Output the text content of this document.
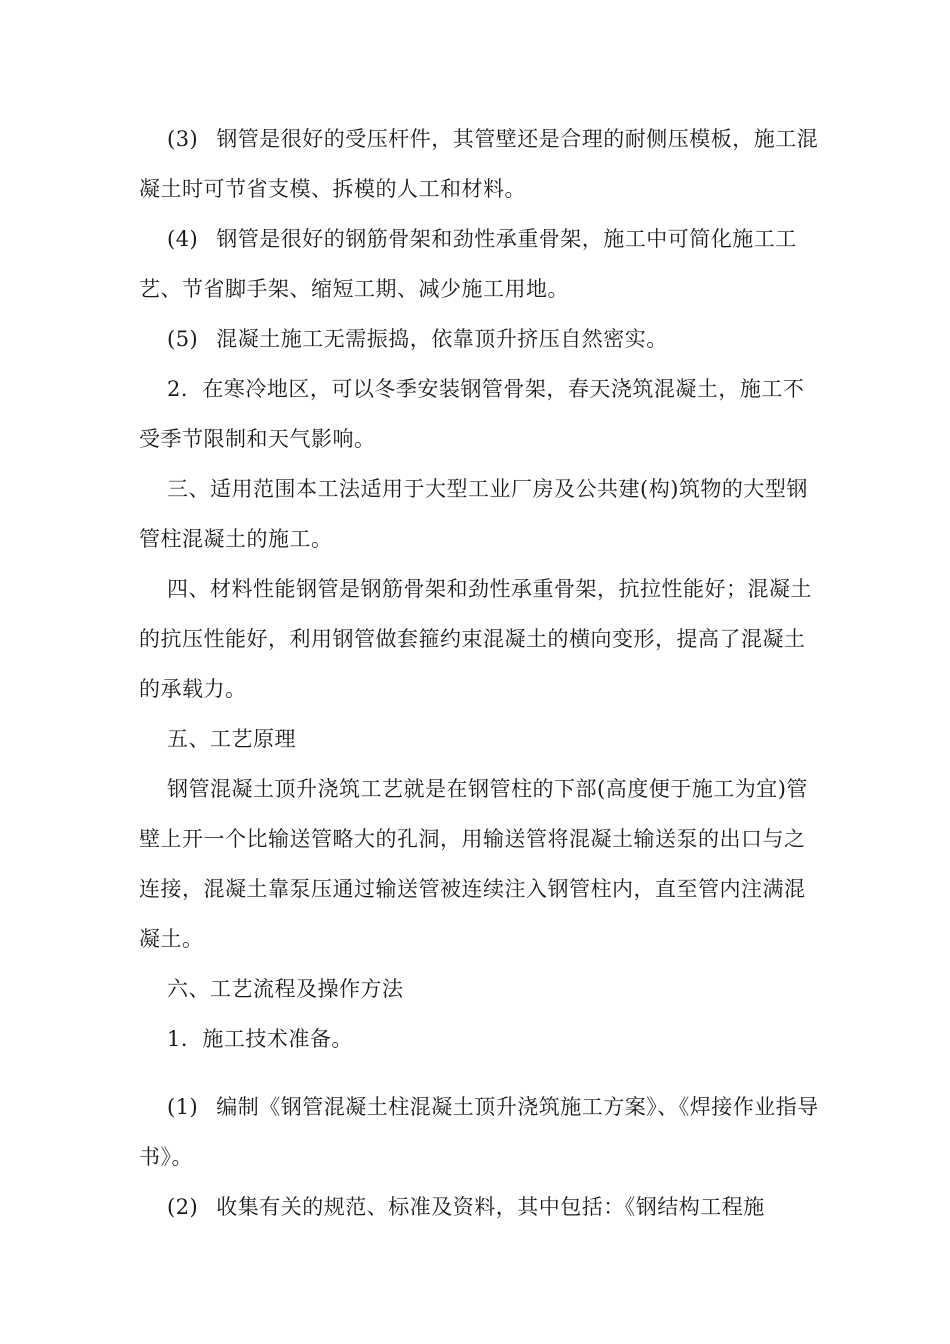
(3) 钢管是很好的受压杆件，其管壁还是合理的耐侧压模板，施工混凝土时可节省支模、拆模的人工和材料。

(4) 钢管是很好的钢筋骨架和劲性承重骨架，施工中可简化施工工艺、节省脚手架、缩短工期、减少施工用地。

(5) 混凝土施工无需振捣，依靠顶升挤压自然密实。

2．在寒冷地区，可以冬季安装钢管骨架，春天浇筑混凝土，施工不受季节限制和天气影响。

三、适用范围本工法适用于大型工业厂房及公共建(构)筑物的大型钢管柱混凝土的施工。

四、材料性能钢管是钢筋骨架和劲性承重骨架，抗拉性能好；混凝土的抗压性能好，利用钢管做套箍约束混凝土的横向变形，提高了混凝土的承载力。

五、工艺原理

钢管混凝土顶升浇筑工艺就是在钢管柱的下部(高度便于施工为宜)管壁上开一个比输送管略大的孔洞，用输送管将混凝土输送泵的出口与之连接，混凝土靠泵压通过输送管被连续注入钢管柱内，直至管内注满混凝土。

六、工艺流程及操作方法

1．施工技术准备。

(1) 编制《钢管混凝土柱混凝土顶升浇筑施工方案》、《焊接作业指导书》。

(2) 收集有关的规范、标准及资料，其中包括：《钢结构工程施
